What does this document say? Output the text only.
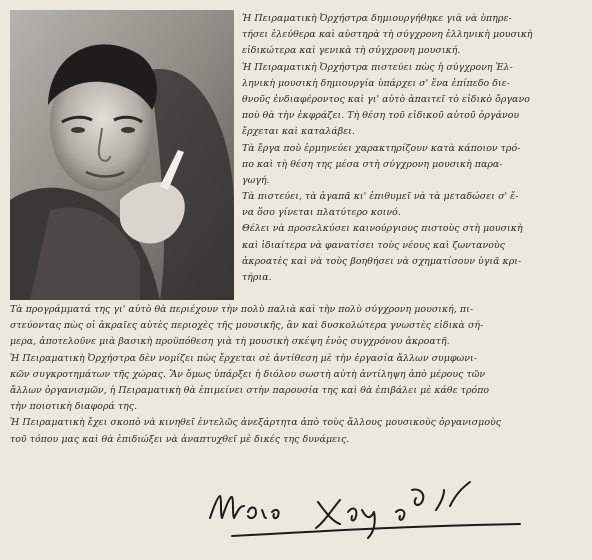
Ἡ Πειραματικὴ Ὀρχήστρα δημιουργήθηκε γιὰ νὰ ὑπηρε-
τήσει ἐλεύθερα καὶ αὐστηρὰ τὴ σύγχρονη ἑλληνικὴ μουσικὴ
εἰδικώτερα καὶ γενικὰ τὴ σύγχρονη μουσική.
Ἡ Πειραματικὴ Ὀρχήστρα πιστεύει πὼς ἡ σύγχρονη Ἑλ-
ληνικὴ μουσικὴ δημιουργία ὑπάρχει σ' ἕνα ἐπίπεδο διε-
θνοῦς ἐνδιαφέροντος καὶ γι' αὐτὸ ἀπαιτεῖ τὸ εἰδικὸ ὄργανο
ποὺ θὰ τὴν ἐκφράζει. Τὴ θέση τοῦ εἰδικοῦ αὐτοῦ ὀργάνου
ἔρχεται καὶ καταλάβει.
Τὰ ἔργα ποὺ ἑρμηνεύει χαρακτηρίζουν κατὰ κάποιον τρό-
πο καὶ τὴ θέση της μέσα στὴ σύγχρονη μουσικὴ παρα-
γωγή.
Τὰ πιστεύει, τὰ ἀγαπᾶ κι' ἐπιθυμεῖ νὰ τὰ μεταδώσει σ' ἕ-
να ὅσο γίνεται πλατύτερο κοινό.
Θέλει νὰ προσελκύσει καινούργιους πιστοὺς στὴ μουσικὴ
καὶ ἰδιαίτερα νὰ φανατίσει τοὺς νέους καὶ ζωντανοὺς
ἀκροατὲς καὶ νὰ τοὺς βοηθήσει νὰ σχηματίσουν ὑγιᾶ κρι-
τήρια.
Τὰ προγράμματά της γι' αὐτὸ θὰ περιέχουν τὴν πολὺ παλιὰ καὶ τὴν πολὺ σύγχρονη μουσική, πι-
στεύοντας πὼς οἱ ἀκραῖες αὐτὲς περιοχὲς τῆς μουσικῆς, ἂν καὶ δυσκολώτερα γνωστὲς εἰδικὰ σή-
μερα, ἀποτελοῦνε μιὰ βασικὴ προϋπόθεση γιὰ τὴ μουσικὴ σκέψη ἑνὸς συγχρόνου ἀκροατῆ.
Ἡ Πειραματικὴ Ὀρχήστρα δὲν νομίζει πὼς ἔρχεται σὲ ἀντίθεση μὲ τὴν ἐργασία ἄλλων συμφωνι-
κῶν συγκροτημάτων τῆς χώρας. Ἂν ὅμως ὑπάρξει ἡ διόλου σωστὴ αὐτὴ ἀντίληψη ἀπὸ μέρους τῶν
ἄλλων ὀργανισμῶν, ἡ Πειραματικὴ θὰ ἐπιμείνει στὴν παρουσία της καὶ θὰ ἐπιβάλει μὲ κάθε τρόπο
τὴν ποιοτικὴ διαφορά της.
Ἡ Πειραματικὴ ἔχει σκοπὸ νὰ κινηθεῖ ἐντελῶς ἀνεξάρτητα ἀπὸ τοὺς ἄλλους μουσικοὺς ὀργανισμοὺς
τοῦ τόπου μας καὶ θὰ ἐπιδιώξει νὰ ἀναπτυχθεῖ μὲ δικές της δυνάμεις.
